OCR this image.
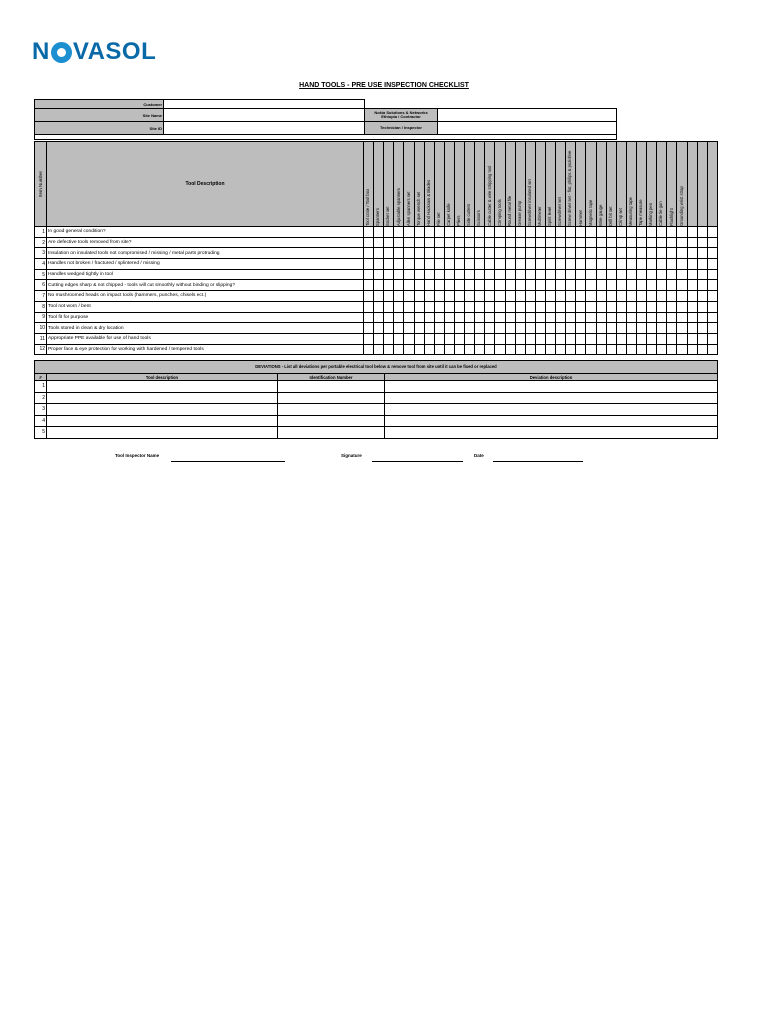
N VASOL
HAND TOOLS - PRE USE INSPECTION CHECKLIST
Customer			
Site Name		Nokia Solutions & Networks Ethiopia / Contractor	
Site ID		Technician / Inspector	

Item Number	Tool Description	Tool crate / Tool box	Spanners	Socket set	Adjustable spanners	Allen spanners set	Torque wrench set	Hand Hacksaw & Blades	File set	Carpet knife	Pliers	Side cutters	Scissors	Cable cutter & wire stripping tool	Crimping tools	Round metal file	Grease pump	Screwdriver insulated set	Multimeter	Spirit level	Screwdriver set	Screw driver set - flat, philips & pozidrive	Hammer	Magnetic tape	Wire gauge	Drill bit set	Crimp set	Measuring tape	Tape measure	Marking pen	Cable tie gun	Flashlight	Grounding wrist strap			

1	In good general condition?																																			
2	Are defective tools removed from site?																																			
3	Insulation on insulated tools not compromised / missing / metal parts protruding																																			
4	Handles not broken / fractured / splintered / missing																																			
5	Handles wedged tightly in tool																																			
6	Cutting edges sharp & not chipped - tools will cut smoothly without binding or slipping?																																			
7	No mushroomed heads on impact tools (hammers, punches, chisels ect.)																																			
8	Tool not worn / bent																																			
9	Tool fit for purpose																																			
10	Tools stored in clean & dry location																																			
11	Appropriate PPE available for use of hand tools																																			
12	Proper face & eye protection for working with hardened / tempered tools																																			
DEVIATIONS - List all deviations per portable electrical tool below & remove tool from site until it can be fixed or replaced			
#	Tool description	Identification Number	Deviation description
1			
2			
3			
4			
5			
Tool Inspector Name	Signature	Date
